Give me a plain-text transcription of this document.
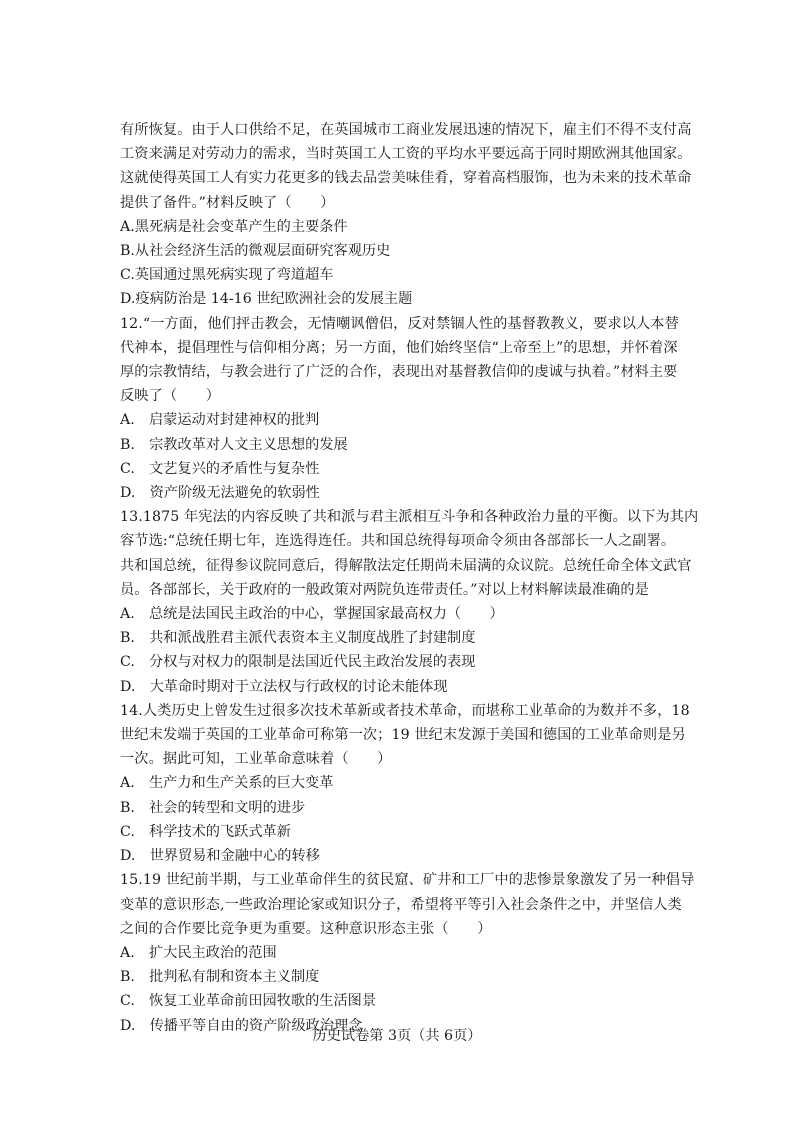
有所恢复。由于人口供给不足，在英国城市工商业发展迅速的情况下，雇主们不得不支付高
工资来满足对劳动力的需求，当时英国工人工资的平均水平要远高于同时期欧洲其他国家。
这就使得英国工人有实力花更多的钱去品尝美味佳肴，穿着高档服饰，也为未来的技术革命
提供了备件。”材料反映了（　　）

A.黑死病是社会变革产生的主要条件
B.从社会经济生活的微观层面研究客观历史
C.英国通过黑死病实现了弯道超车
D.疫病防治是 14-16 世纪欧洲社会的发展主题

12.“一方面，他们抨击教会，无情嘲讽僧侣，反对禁锢人性的基督教教义，要求以人本替
代神本，提倡理性与信仰相分离；另一方面，他们始终坚信“上帝至上”的思想，并怀着深
厚的宗教情结，与教会进行了广泛的合作，表现出对基督教信仰的虔诚与执着。”材料主要
反映了（　　）

A.　启蒙运动对封建神权的批判
B.　宗教改革对人文主义思想的发展
C.　文艺复兴的矛盾性与复杂性
D.　资产阶级无法避免的软弱性

13.1875 年宪法的内容反映了共和派与君主派相互斗争和各种政治力量的平衡。以下为其内
容节选:“总统任期七年，连选得连任。共和国总统得每项命令须由各部部长一人之副署。
共和国总统，征得参议院同意后，得解散法定任期尚未届满的众议院。总统任命全体文武官
员。各部部长，关于政府的一般政策对两院负连带责任。”对以上材料解读最准确的是

A.　总统是法国民主政治的中心，掌握国家最高权力（　　）
B.　共和派战胜君主派代表资本主义制度战胜了封建制度
C.　分权与对权力的限制是法国近代民主政治发展的表现
D.　大革命时期对于立法权与行政权的讨论未能体现

14.人类历史上曾发生过很多次技术革新或者技术革命，而堪称工业革命的为数并不多，18
世纪末发端于英国的工业革命可称第一次；19 世纪末发源于美国和德国的工业革命则是另
一次。据此可知，工业革命意味着（　　）

A.　生产力和生产关系的巨大变革
B.　社会的转型和文明的进步
C.　科学技术的飞跃式革新
D.　世界贸易和金融中心的转移

15.19 世纪前半期，与工业革命伴生的贫民窟、矿井和工厂中的悲惨景象激发了另一种倡导
变革的意识形态,一些政治理论家或知识分子，希望将平等引入社会条件之中，并坚信人类
之间的合作要比竞争更为重要。这种意识形态主张（　　）

A.　扩大民主政治的范围
B.　批判私有制和资本主义制度
C.　恢复工业革命前田园牧歌的生活图景
D.　传播平等自由的资产阶级政治理念
历史试卷第 3页（共 6页）
